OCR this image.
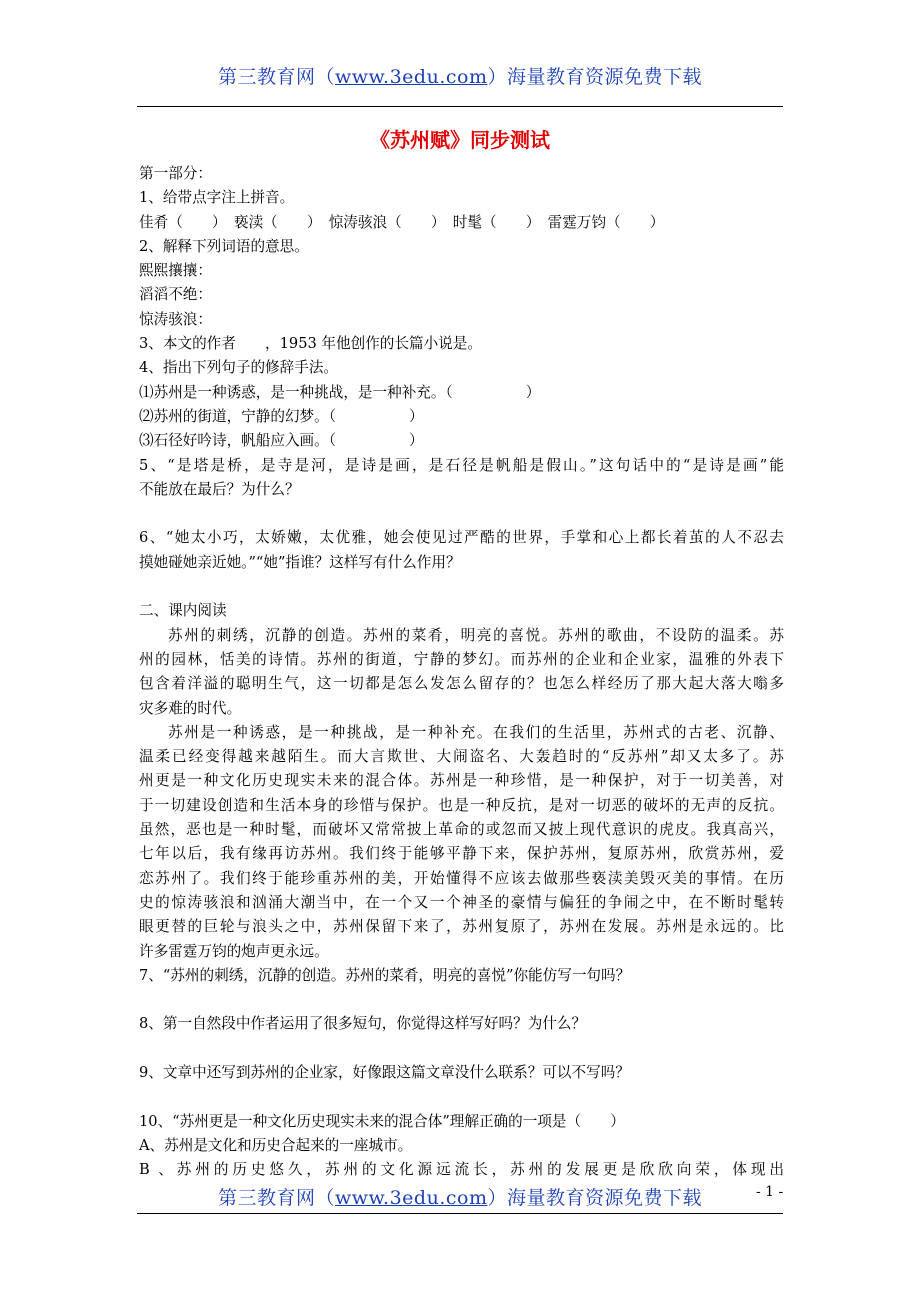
第三教育网（www.3edu.com）海量教育资源免费下载
《苏州赋》同步测试
第一部分：
1、给带点字注上拼音。
佳肴（　　）　亵渎（　　）　惊涛骇浪（　　）　时髦（　　）　雷霆万钧（　　）
2、解释下列词语的意思。
熙熙攘攘：
滔滔不绝：
惊涛骇浪：
3、本文的作者　　，1953 年他创作的长篇小说是。
4、指出下列句子的修辞手法。
⑴苏州是一种诱惑，是一种挑战，是一种补充。（　　　　　）
⑵苏州的街道，宁静的幻梦。（　　　　　）
⑶石径好吟诗，帆船应入画。（　　　　　）
5、“是塔是桥，是寺是河，是诗是画，是石径是帆船是假山。”这句话中的“是诗是画”能
不能放在最后？为什么？
6、“她太小巧，太娇嫩，太优雅，她会使见过严酷的世界，手掌和心上都长着茧的人不忍去
摸她碰她亲近她。”“她”指谁？这样写有什么作用？
二、课内阅读
苏州的刺绣，沉静的创造。苏州的菜肴，明亮的喜悦。苏州的歌曲，不设防的温柔。苏
州的园林，恬美的诗情。苏州的街道，宁静的梦幻。而苏州的企业和企业家，温雅的外表下
包含着洋溢的聪明生气，这一切都是怎么发怎么留存的？也怎么样经历了那大起大落大嗡多
灾多难的时代。
苏州是一种诱惑，是一种挑战，是一种补充。在我们的生活里，苏州式的古老、沉静、
温柔已经变得越来越陌生。而大言欺世、大闹盗名、大轰趋时的“反苏州”却又太多了。苏
州更是一种文化历史现实未来的混合体。苏州是一种珍惜，是一种保护，对于一切美善，对
于一切建设创造和生活本身的珍惜与保护。也是一种反抗，是对一切恶的破坏的无声的反抗。
虽然，恶也是一种时髦，而破坏又常常披上革命的或忽而又披上现代意识的虎皮。我真高兴，
七年以后，我有缘再访苏州。我们终于能够平静下来，保护苏州，复原苏州，欣赏苏州，爱
恋苏州了。我们终于能珍重苏州的美，开始懂得不应该去做那些亵渎美毁灭美的事情。在历
史的惊涛骇浪和汹涌大潮当中，在一个又一个神圣的豪情与偏狂的争闹之中，在不断时髦转
眼更替的巨轮与浪头之中，苏州保留下来了，苏州复原了，苏州在发展。苏州是永远的。比
许多雷霆万钧的炮声更永远。
7、“苏州的刺绣，沉静的创造。苏州的菜肴，明亮的喜悦”你能仿写一句吗？
8、第一自然段中作者运用了很多短句，你觉得这样写好吗？为什么？
9、文章中还写到苏州的企业家，好像跟这篇文章没什么联系？可以不写吗？
10、“苏州更是一种文化历史现实未来的混合体”理解正确的一项是（　　）
A、苏州是文化和历史合起来的一座城市。
B 、苏州的历史悠久，苏州的文化源远流长，苏州的发展更是欣欣向荣，体现出
第三教育网（www.3edu.com）海量教育资源免费下载	- 1 -
